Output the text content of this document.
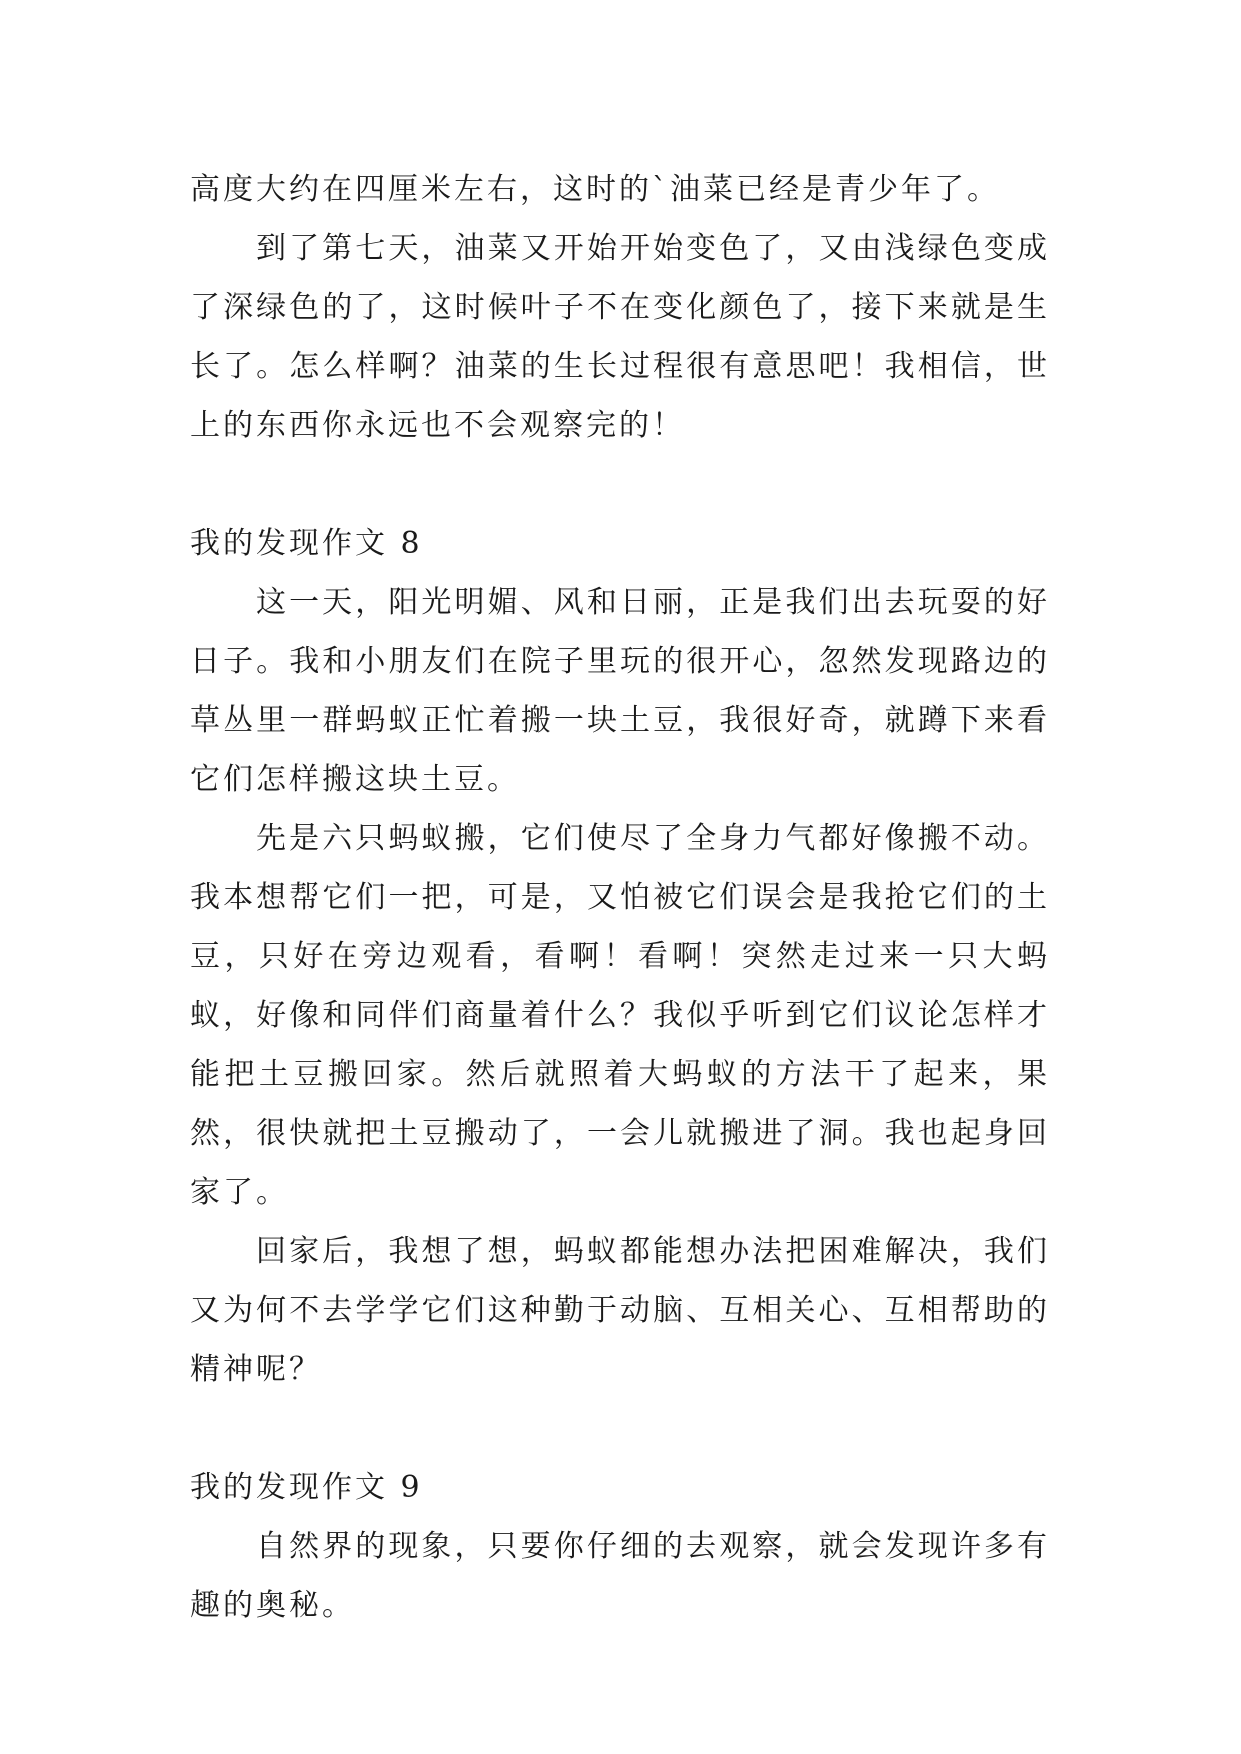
高度大约在四厘米左右，这时的`油菜已经是青少年了。

到了第七天，油菜又开始开始变色了，又由浅绿色变成了深绿色的了，这时候叶子不在变化颜色了，接下来就是生长了。怎么样啊？油菜的生长过程很有意思吧！我相信，世上的东西你永远也不会观察完的！

我的发现作文 8

这一天，阳光明媚、风和日丽，正是我们出去玩耍的好日子。我和小朋友们在院子里玩的很开心，忽然发现路边的草丛里一群蚂蚁正忙着搬一块土豆，我很好奇，就蹲下来看它们怎样搬这块土豆。

先是六只蚂蚁搬，它们使尽了全身力气都好像搬不动。我本想帮它们一把，可是，又怕被它们误会是我抢它们的土豆，只好在旁边观看，看啊！看啊！突然走过来一只大蚂蚁，好像和同伴们商量着什么？我似乎听到它们议论怎样才能把土豆搬回家。然后就照着大蚂蚁的方法干了起来，果然，很快就把土豆搬动了，一会儿就搬进了洞。我也起身回家了。

回家后，我想了想，蚂蚁都能想办法把困难解决，我们又为何不去学学它们这种勤于动脑、互相关心、互相帮助的精神呢？

我的发现作文 9

自然界的现象，只要你仔细的去观察，就会发现许多有趣的奥秘。
